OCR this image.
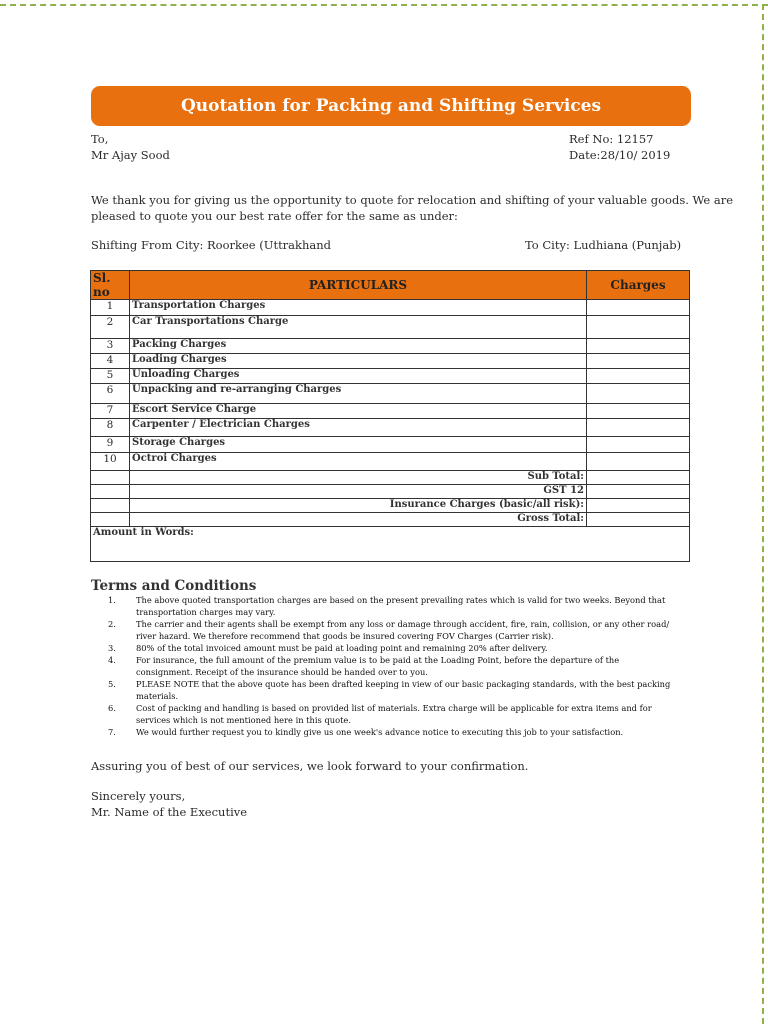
Quotation for Packing and Shifting Services
To,
Mr Ajay Sood
Ref No: 12157
Date:28/10/ 2019
We thank you for giving us the opportunity to quote for relocation and shifting of your valuable goods. We are
pleased to quote you our best rate offer for the same as under:
Shifting From City: Roorkee (Uttrakhand	To City: Ludhiana (Punjab)
Sl. no	PARTICULARS	Charges
1	Transportation Charges	
2	Car Transportations Charge	
3	Packing Charges	
4	Loading Charges	
5	Unloading Charges	
6	Unpacking and re-arranging Charges	
7	Escort Service Charge	
8	Carpenter / Electrician Charges	
9	Storage Charges	
10	Octroi Charges	
	Sub Total:	
	GST 12	
	Insurance Charges (basic/all risk):	
	Gross Total:	
Amount in Words:		
Terms and Conditions
1. The above quoted transportation charges are based on the present prevailing rates which is valid for two weeks. Beyond that
transportation charges may vary.
2. The carrier and their agents shall be exempt from any loss or damage through accident, fire, rain, collision, or any other road/
river hazard. We therefore recommend that goods be insured covering FOV Charges (Carrier risk).
3. 80% of the total invoiced amount must be paid at loading point and remaining 20% after delivery.
4. For insurance, the full amount of the premium value is to be paid at the Loading Point, before the departure of the
consignment. Receipt of the insurance should be handed over to you.
5. PLEASE NOTE that the above quote has been drafted keeping in view of our basic packaging standards, with the best packing
materials.
6. Cost of packing and handling is based on provided list of materials. Extra charge will be applicable for extra items and for
services which is not mentioned here in this quote.
7. We would further request you to kindly give us one week's advance notice to executing this job to your satisfaction.
Assuring you of best of our services, we look forward to your confirmation.
Sincerely yours,
Mr. Name of the Executive
